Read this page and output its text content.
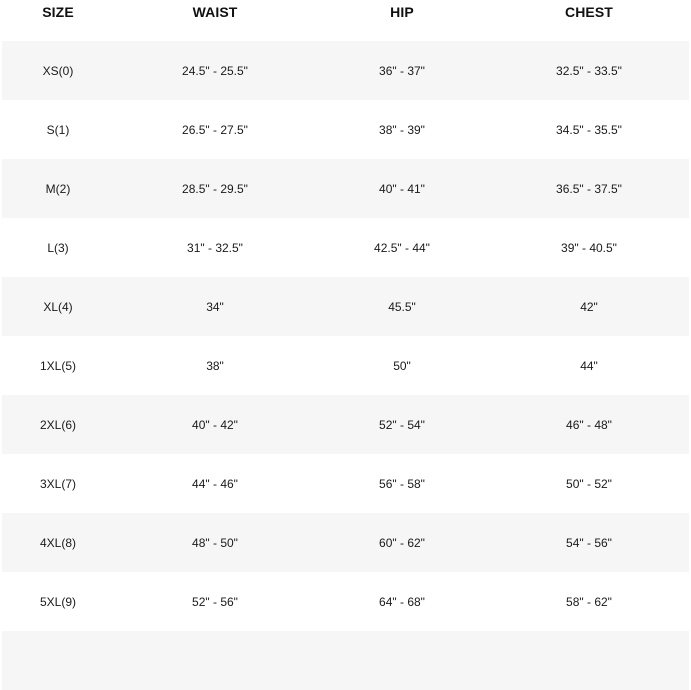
SIZE	WAIST	HIP	CHEST
XS(0)	24.5" - 25.5"	36" - 37"	32.5" - 33.5"
S(1)	26.5" - 27.5"	38" - 39"	34.5" - 35.5"
M(2)	28.5" - 29.5"	40" - 41"	36.5" - 37.5"
L(3)	31" - 32.5"	42.5" - 44"	39" - 40.5"
XL(4)	34"	45.5"	42"
1XL(5)	38"	50"	44"
2XL(6)	40" - 42"	52" - 54"	46" - 48"
3XL(7)	44" - 46"	56" - 58"	50" - 52"
4XL(8)	48" - 50"	60" - 62"	54" - 56"
5XL(9)	52" - 56"	64" - 68"	58" - 62"
